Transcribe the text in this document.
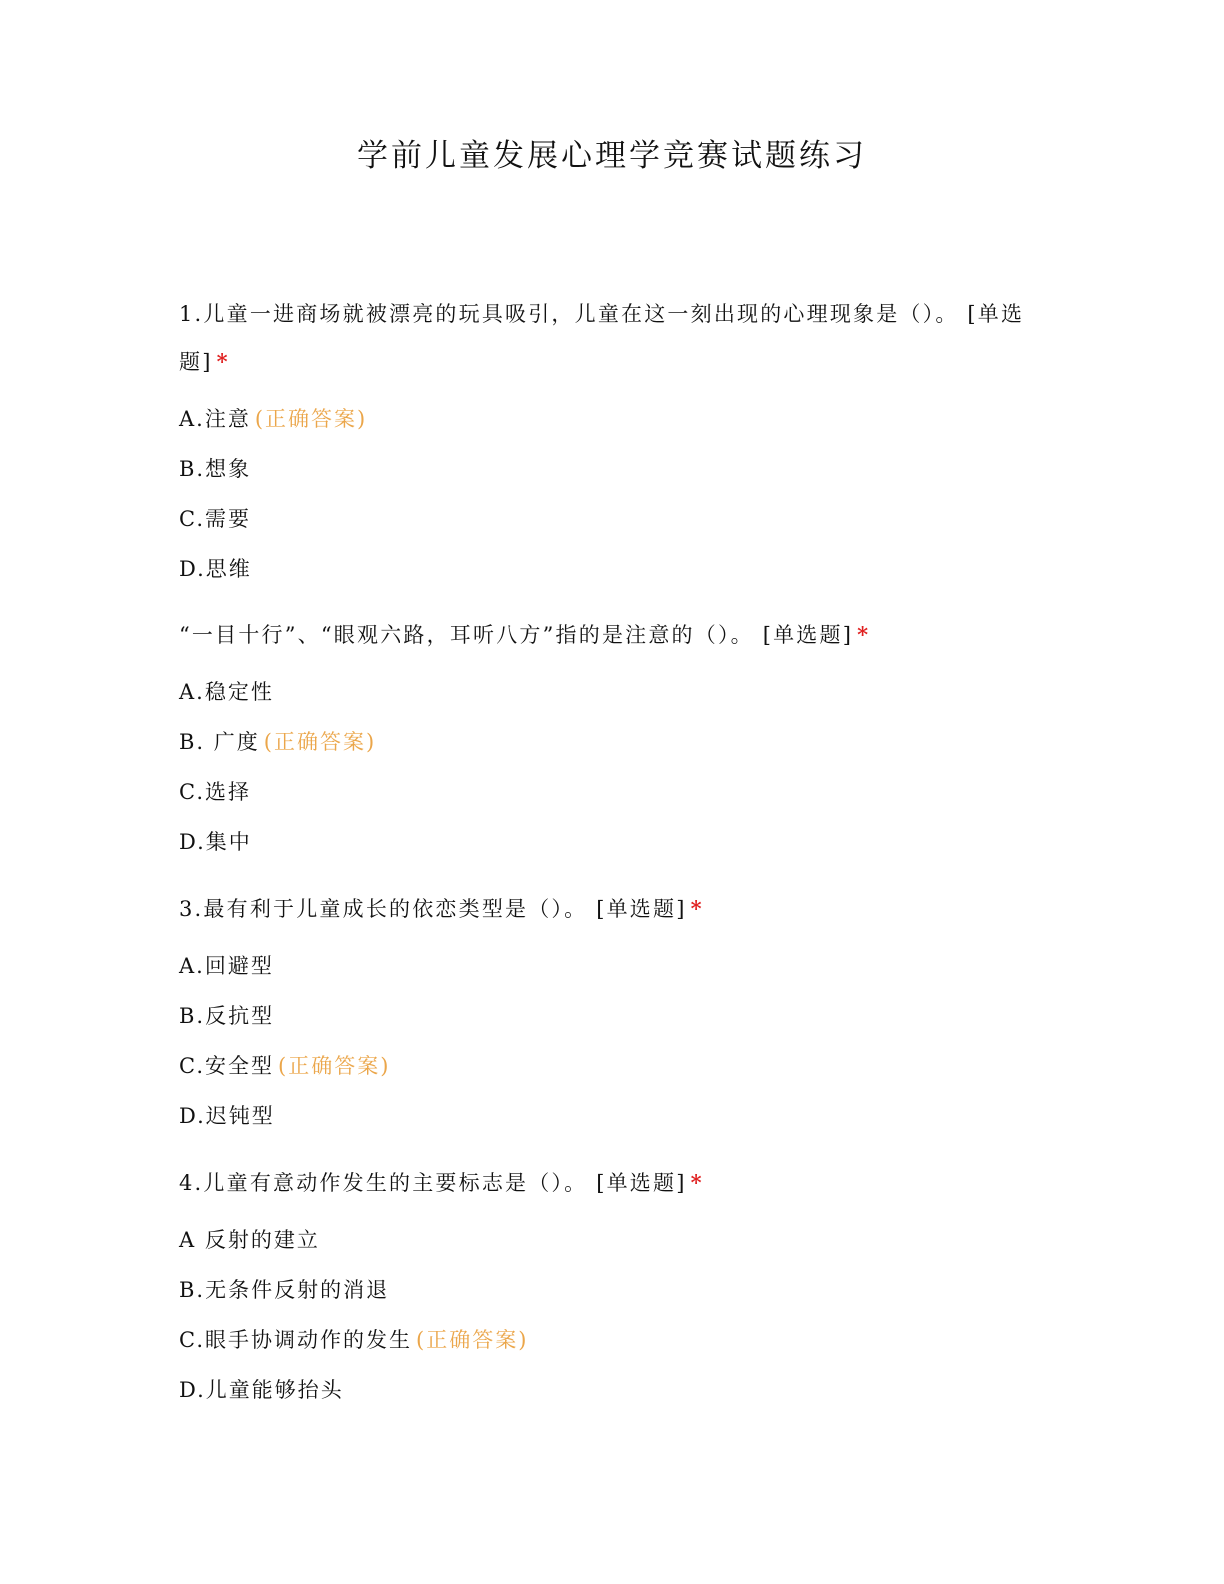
学前儿童发展心理学竞赛试题练习
1.儿童一进商场就被漂亮的玩具吸引，儿童在这一刻出现的心理现象是（）。 [单选题] *
A.注意 (正确答案)
B.想象
C.需要
D.思维
“一目十行”、“眼观六路，耳听八方”指的是注意的（）。 [单选题] *
A.稳定性
B. 广度 (正确答案)
C.选择
D.集中
3.最有利于儿童成长的依恋类型是（）。 [单选题] *
A.回避型
B.反抗型
C.安全型 (正确答案)
D.迟钝型
4.儿童有意动作发生的主要标志是（）。 [单选题] *
A 反射的建立
B.无条件反射的消退
C.眼手协调动作的发生 (正确答案)
D.儿童能够抬头
